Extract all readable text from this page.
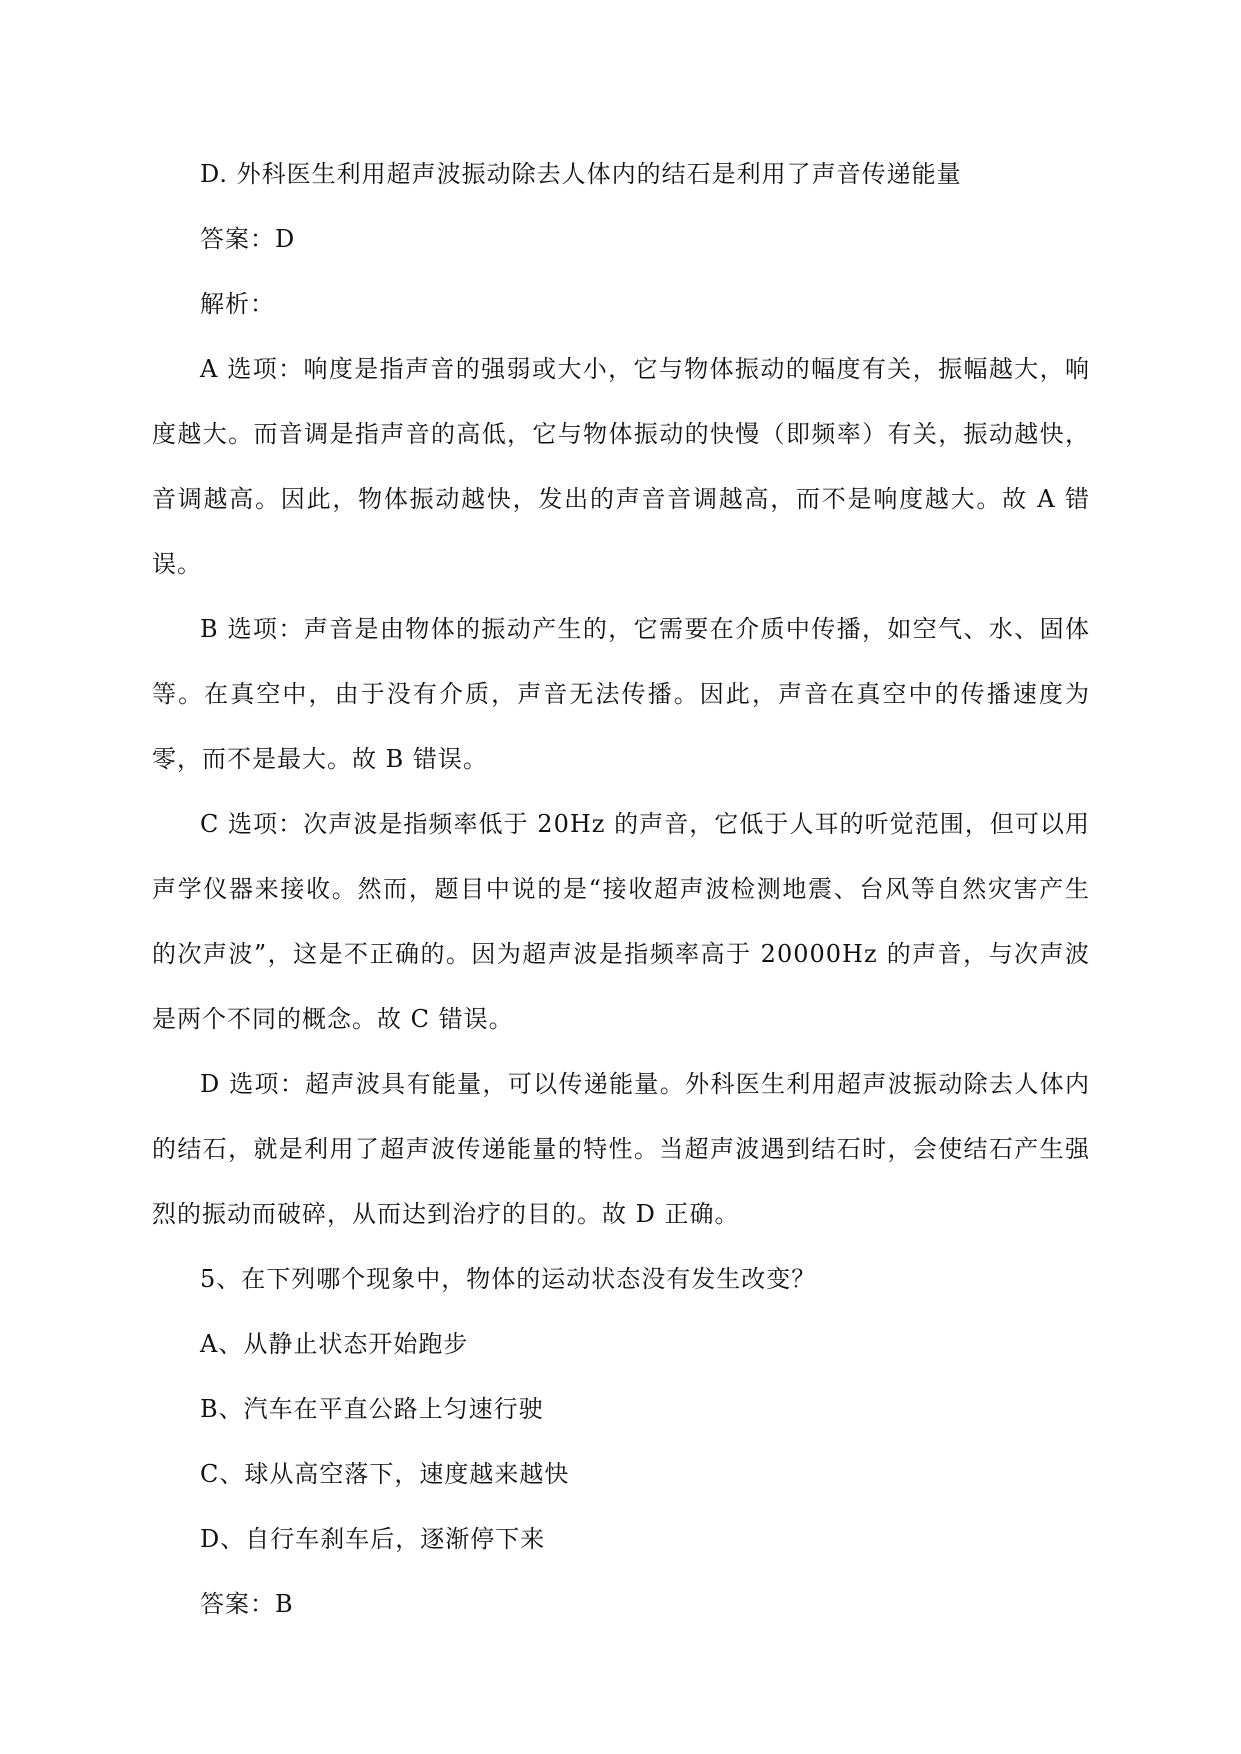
D. 外科医生利用超声波振动除去人体内的结石是利用了声音传递能量

答案：D

解析：

A 选项：响度是指声音的强弱或大小，它与物体振动的幅度有关，振幅越大，响度越大。而音调是指声音的高低，它与物体振动的快慢（即频率）有关，振动越快，音调越高。因此，物体振动越快，发出的声音音调越高，而不是响度越大。故 A 错误。

B 选项：声音是由物体的振动产生的，它需要在介质中传播，如空气、水、固体等。在真空中，由于没有介质，声音无法传播。因此，声音在真空中的传播速度为零，而不是最大。故 B 错误。

C 选项：次声波是指频率低于 20Hz 的声音，它低于人耳的听觉范围，但可以用声学仪器来接收。然而，题目中说的是“接收超声波检测地震、台风等自然灾害产生的次声波”，这是不正确的。因为超声波是指频率高于 20000Hz 的声音，与次声波是两个不同的概念。故 C 错误。

D 选项：超声波具有能量，可以传递能量。外科医生利用超声波振动除去人体内的结石，就是利用了超声波传递能量的特性。当超声波遇到结石时，会使结石产生强烈的振动而破碎，从而达到治疗的目的。故 D 正确。

5、在下列哪个现象中，物体的运动状态没有发生改变？

A、从静止状态开始跑步

B、汽车在平直公路上匀速行驶

C、球从高空落下，速度越来越快

D、自行车刹车后，逐渐停下来

答案：B
